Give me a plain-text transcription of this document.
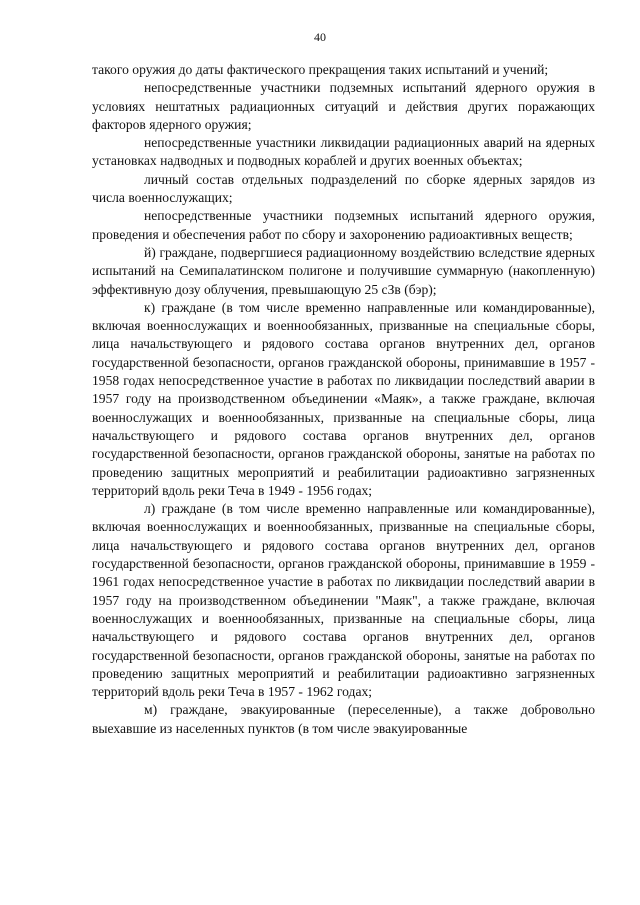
40

такого оружия до даты фактического прекращения таких испытаний и учений;

непосредственные участники подземных испытаний ядерного оружия в условиях нештатных радиационных ситуаций и действия других поражающих факторов ядерного оружия;

непосредственные участники ликвидации радиационных аварий на ядерных установках надводных и подводных кораблей и других военных объектах;

личный состав отдельных подразделений по сборке ядерных зарядов из числа военнослужащих;

непосредственные участники подземных испытаний ядерного оружия, проведения и обеспечения работ по сбору и захоронению радиоактивных веществ;

й) граждане, подвергшиеся радиационному воздействию вследствие ядерных испытаний на Семипалатинском полигоне и получившие суммарную (накопленную) эффективную дозу облучения, превышающую 25 сЗв (бэр);

к) граждане (в том числе временно направленные или командированные), включая военнослужащих и военнообязанных, призванные на специальные сборы, лица начальствующего и рядового состава органов внутренних дел, органов государственной безопасности, органов гражданской обороны, принимавшие в 1957 - 1958 годах непосредственное участие в работах по ликвидации последствий аварии в 1957 году на производственном объединении «Маяк», а также граждане, включая военнослужащих и военнообязанных, призванные на специальные сборы, лица начальствующего и рядового состава органов внутренних дел, органов государственной безопасности, органов гражданской обороны, занятые на работах по проведению защитных мероприятий и реабилитации радиоактивно загрязненных территорий вдоль реки Теча в 1949 - 1956 годах;

л) граждане (в том числе временно направленные или командированные), включая военнослужащих и военнообязанных, призванные на специальные сборы, лица начальствующего и рядового состава органов внутренних дел, органов государственной безопасности, органов гражданской обороны, принимавшие в 1959 - 1961 годах непосредственное участие в работах по ликвидации последствий аварии в 1957 году на производственном объединении "Маяк", а также граждане, включая военнослужащих и военнообязанных, призванные на специальные сборы, лица начальствующего и рядового состава органов внутренних дел, органов государственной безопасности, органов гражданской обороны, занятые на работах по проведению защитных мероприятий и реабилитации радиоактивно загрязненных территорий вдоль реки Теча в 1957 - 1962 годах;

м) граждане, эвакуированные (переселенные), а также добровольно выехавшие из населенных пунктов (в том числе эвакуированные
